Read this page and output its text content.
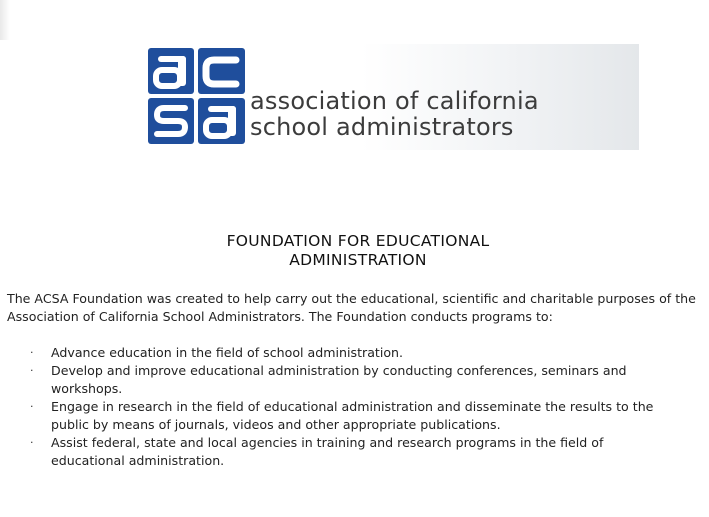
association of california
school administrators
FOUNDATION FOR EDUCATIONAL
ADMINISTRATION
The ACSA Foundation was created to help carry out the educational, scientific and charitable purposes of the
Association of California School Administrators. The Foundation conducts programs to:
· Advance education in the field of school administration.
· Develop and improve educational administration by conducting conferences, seminars and
workshops.
· Engage in research in the field of educational administration and disseminate the results to the
public by means of journals, videos and other appropriate publications.
· Assist federal, state and local agencies in training and research programs in the field of
educational administration.
